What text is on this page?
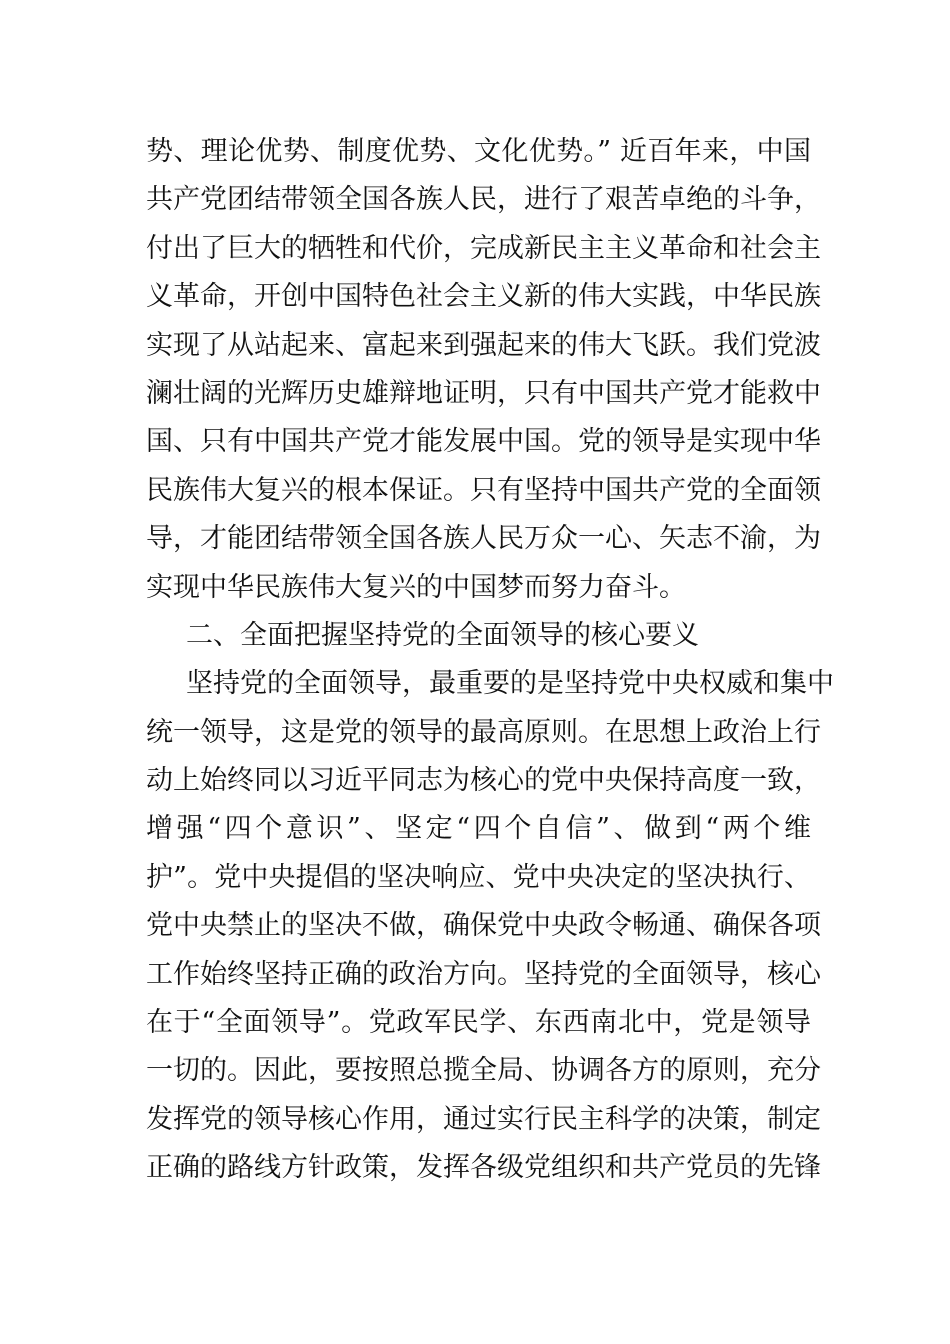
势、理论优势、制度优势、文化优势。” 近百年来，中国
共产党团结带领全国各族人民，进行了艰苦卓绝的斗争，
付出了巨大的牺牲和代价，完成新民主主义革命和社会主
义革命，开创中国特色社会主义新的伟大实践，中华民族
实现了从站起来、富起来到强起来的伟大飞跃。我们党波
澜壮阔的光辉历史雄辩地证明，只有中国共产党才能救中
国、只有中国共产党才能发展中国。党的领导是实现中华
民族伟大复兴的根本保证。只有坚持中国共产党的全面领
导，才能团结带领全国各族人民万众一心、矢志不渝，为
实现中华民族伟大复兴的中国梦而努力奋斗。
二、全面把握坚持党的全面领导的核心要义
坚持党的全面领导，最重要的是坚持党中央权威和集中
统一领导，这是党的领导的最高原则。在思想上政治上行
动上始终同以习近平同志为核心的党中央保持高度一致，
增强“四个意识”、坚定“四个自信”、做到“两个维
护”。党中央提倡的坚决响应、党中央决定的坚决执行、
党中央禁止的坚决不做，确保党中央政令畅通、确保各项
工作始终坚持正确的政治方向。坚持党的全面领导，核心
在于“全面领导”。党政军民学、东西南北中，党是领导
一切的。因此，要按照总揽全局、协调各方的原则，充分
发挥党的领导核心作用，通过实行民主科学的决策，制定
正确的路线方针政策，发挥各级党组织和共产党员的先锋
